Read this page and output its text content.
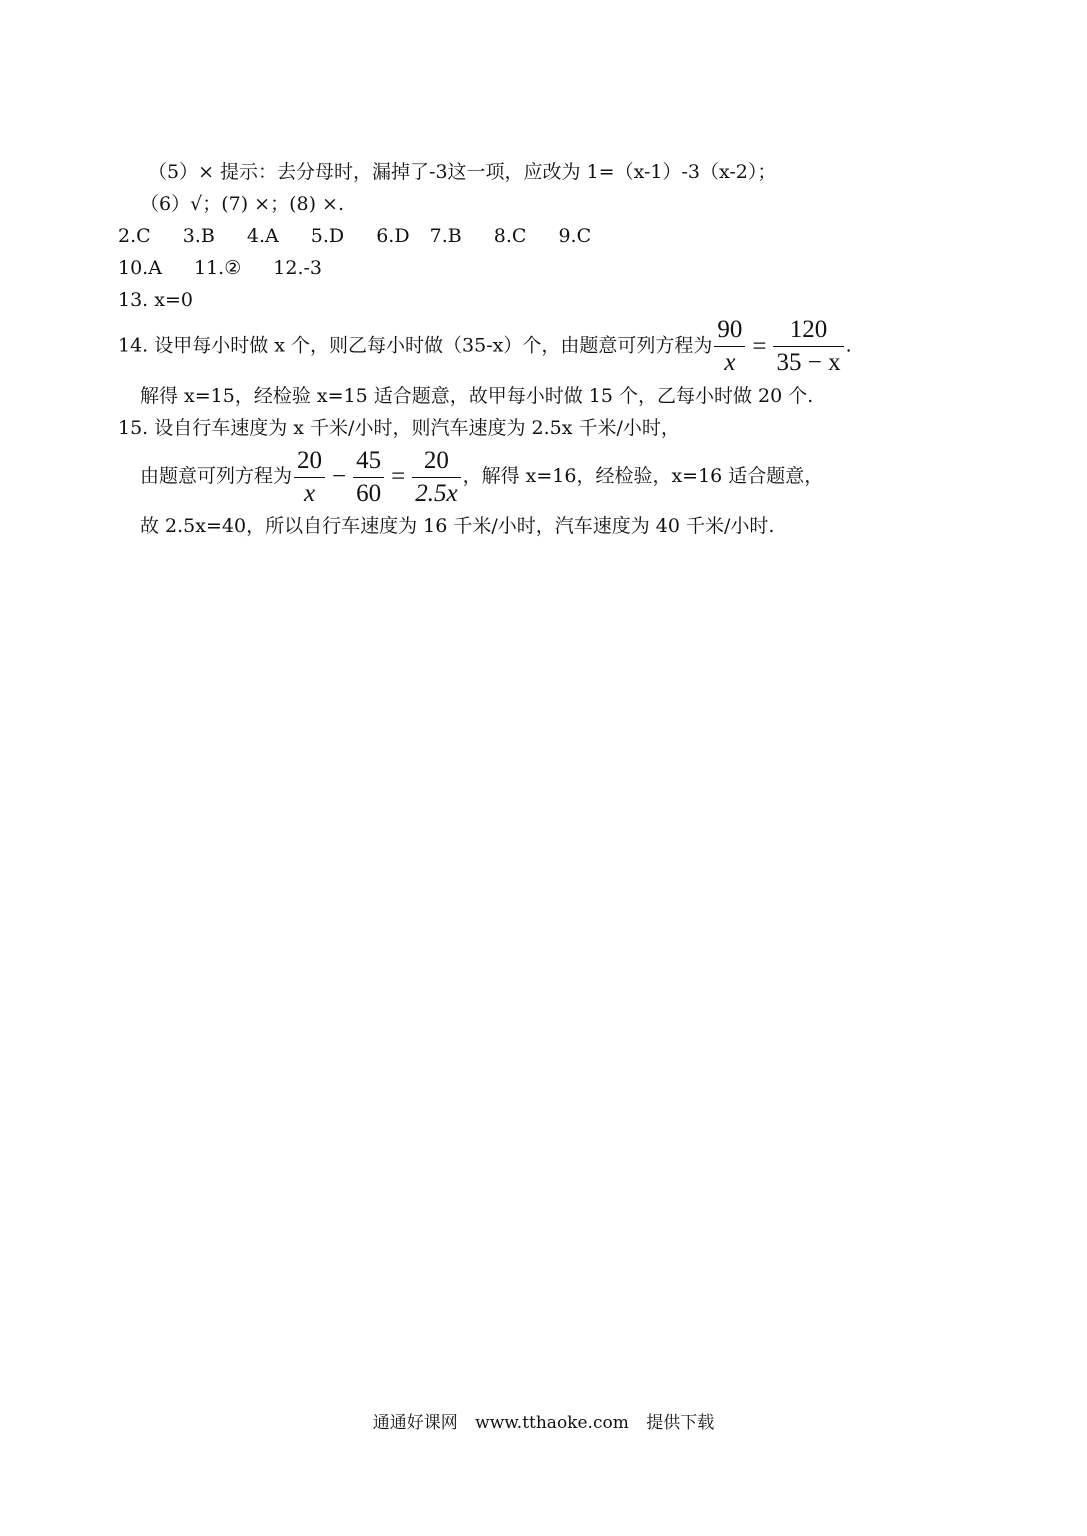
（5）× 提示：去分母时，漏掉了-3这一项，应改为 1=（x-1）-3（x-2）；
（6）√；(7) ×；(8) ×.
2.C 3.B 4.A 5.D 6.D 7.B 8.C 9.C
10.A 11.② 12.-3
13. x=0
14. 设甲每小时做 x 个，则乙每小时做（35-x）个，由题意可列方程为 $\frac{90}{x} = \frac{120}{35 - x}$ .
解得 x=15，经检验 x=15 适合题意，故甲每小时做 15 个，乙每小时做 20 个.
15. 设自行车速度为 x 千米/小时，则汽车速度为 2.5x 千米/小时，
由题意可列方程为 $\frac{20}{x} - \frac{45}{60} = \frac{20}{2.5x}$ ，解得 x=16，经检验，x=16 适合题意，
故 2.5x=40，所以自行车速度为 16 千米/小时，汽车速度为 40 千米/小时.
通通好课网 www.tthaoke.com 提供下载
